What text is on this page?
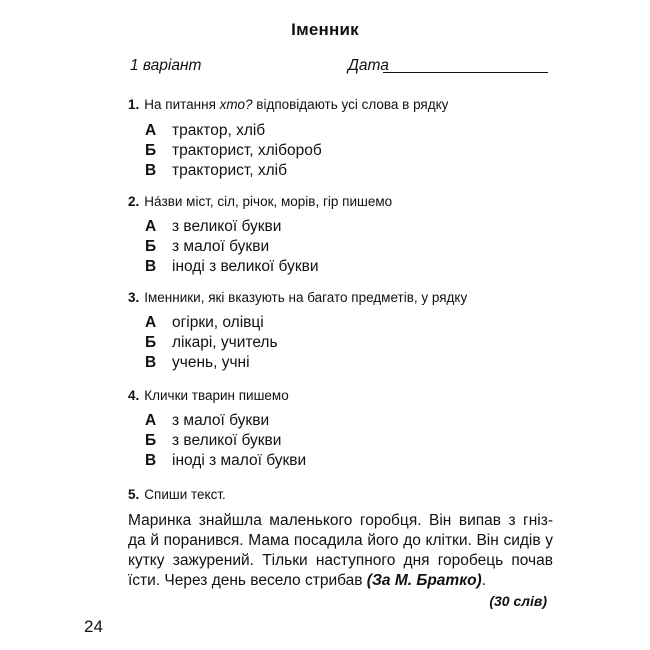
Іменник
1 варіант	Дата
1. На питання хто? відповідають усі слова в рядку
А трактор, хліб
Б тракторист, хлібороб
В тракторист, хліб
2. Нáзви міст, сіл, річок, морів, гір пишемо
А з великої букви
Б з малої букви
В іноді з великої букви
3. Іменники, які вказують на багато предметів, у рядку
А огірки, олівці
Б лікарі, учитель
В учень, учні
4. Клички тварин пишемо
А з малої букви
Б з великої букви
В іноді з малої букви
5. Спиши текст.
Маринка знайшла маленького горобця. Він випав з гніз-
да й поранився. Мама посадила його до клітки. Він сидів у
кутку зажурений. Тільки наступного дня горобець почав
їсти. Через день весело стрибав (За М. Братко).
(30 слів)
24
